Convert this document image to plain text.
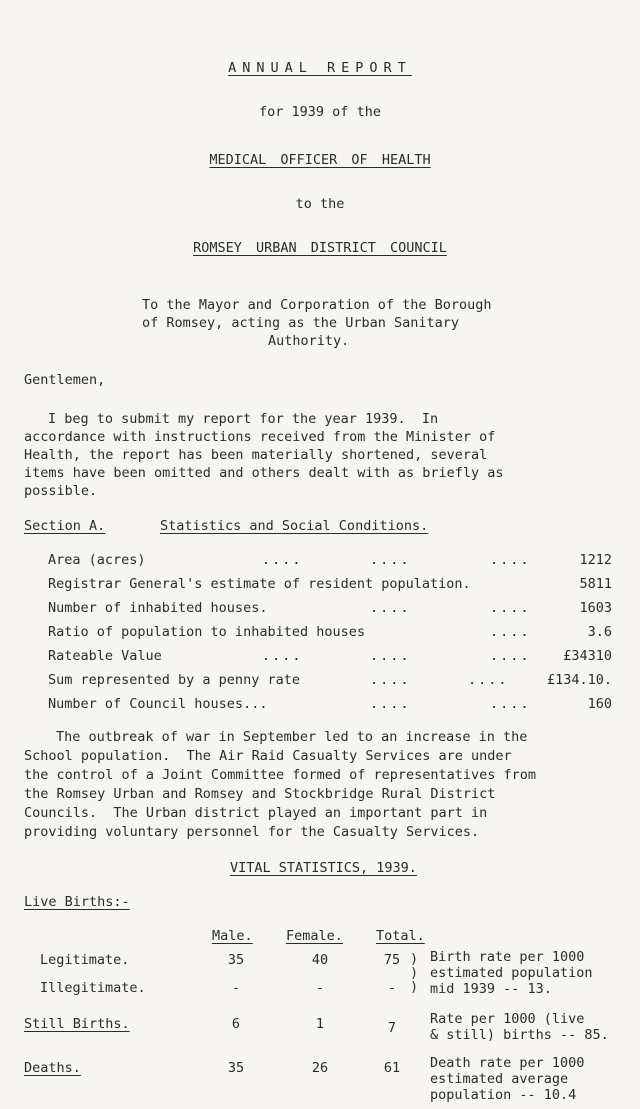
ANNUAL REPORT
for 1939 of the
MEDICAL OFFICER OF HEALTH
to the
ROMSEY URBAN DISTRICT COUNCIL
To the Mayor and Corporation of the Borough
of Romsey, acting as the Urban Sanitary
Authority.
Gentlemen,
I beg to submit my report for the year 1939.  In
accordance with instructions received from the Minister of
Health, the report has been materially shortened, several
items have been omitted and others dealt with as briefly as
possible.
Section A.	Statistics and Social Conditions.
Area (acres)	....	....	....	1212
Registrar General's estimate of resident population.	5811
Number of inhabited houses.	....	....	1603
Ratio of population to inhabited houses	....	3.6
Rateable Value	....	....	.... £34310
Sum represented by a penny rate	....	....	£134.10.
Number of Council houses...	....	....	160
The outbreak of war in September led to an increase in the
School population.  The Air Raid Casualty Services are under
the control of a Joint Committee formed of representatives from
the Romsey Urban and Romsey and Stockbridge Rural District
Councils.  The Urban district played an important part in
providing voluntary personnel for the Casualty Services.
VITAL STATISTICS, 1939.
Live Births:-
Male. Female. Total.
Legitimate.	35	40	75
Illegitimate.	-	-	-
)
)
)
Birth rate per 1000
estimated population
mid 1939 -- 13.
Still Births.	6	1	7
Rate per 1000 (live
& still) births -- 85.
Deaths.	35	26	61	Death rate per 1000
estimated average
population -- 10.4
